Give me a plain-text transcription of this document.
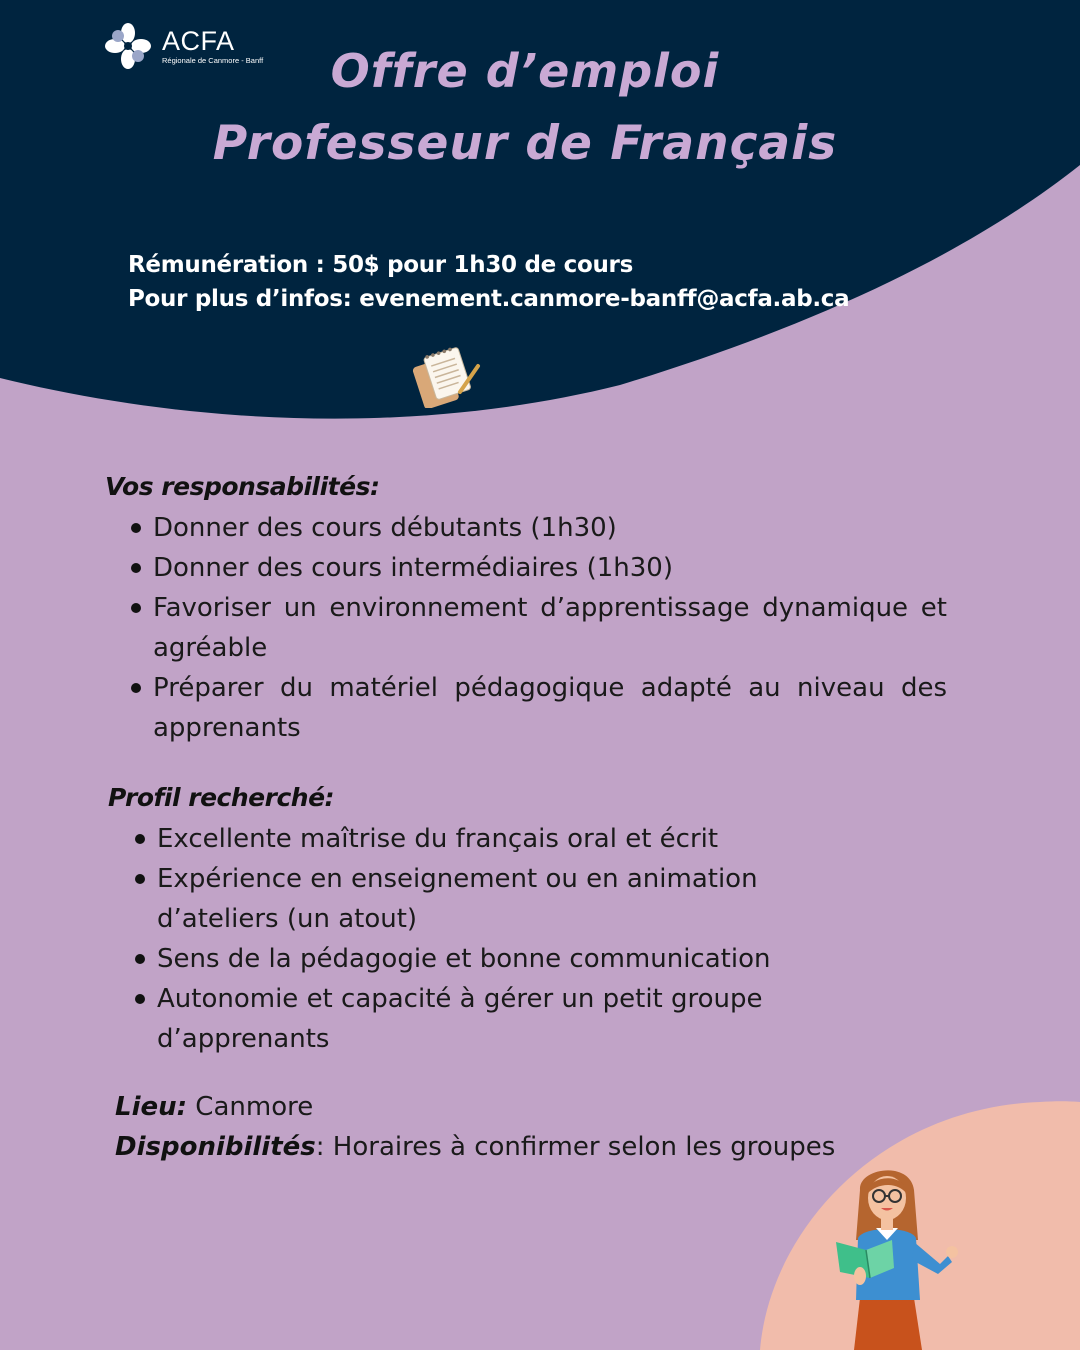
ACFA
Régionale de Canmore - Banff	Offre d’emploi
Professeur de Français
Rémunération : 50$ pour 1h30 de cours
Pour plus d’infos: evenement.canmore-banff@acfa.ab.ca
Vos responsabilités:
Donner des cours débutants (1h30)
Donner des cours intermédiaires (1h30)
Favoriser un environnement d’apprentissage dynamique et agréable
Préparer du matériel pédagogique adapté au niveau des apprenants
Profil recherché:
Excellente maîtrise du français oral et écrit
Expérience en enseignement ou en animation d’ateliers (un atout)
Sens de la pédagogie et bonne communication
Autonomie et capacité à gérer un petit groupe d’apprenants
Lieu: Canmore
Disponibilités: Horaires à confirmer selon les groupes
